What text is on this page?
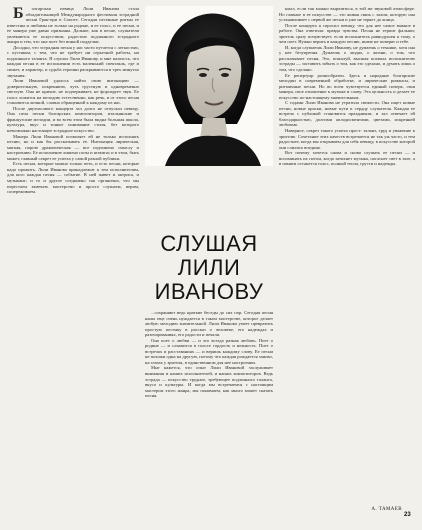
Б олгарская певица Лили Иванова стала обладательницей Международного фестиваля эстрадной песни Гран-при в Сопоте. Сегодня песенные ритмы ее известны и любимы не только на родине, и ее голос, и ее песни, и ее манера уже давно признаны. Дальше, как в песне, слушатели увлекаются ее искусством, радостью подлинного эстрадного жанра и тем, что она поет без всякой подделки.

Досадно, что эстрадная песня у нас часто путается с легкостью, с пустяком, с тем, что не требует ни серьезной работы, ни подлинного таланта. Я слушал Лили Иванову, и мне казалось, что каждая песня в ее исполнении есть маленький спектакль, где и сюжет, и характер, и судьба героини раскрываются в трех минутах звучания.

Лили Ивановой удалось найти свою интонацию — доверительную, искреннюю, чуть грустную и одновременно светлую. Она не кричит, не подчеркивает, не форсирует звук. Ее голос ложится на мелодию естественно, как речь, и от этого песня становится личной, словно обращенной к каждому из нас.

После двухчасового концерта зал долго не отпускал певицу. Она пела песни болгарских композиторов, итальянские и французские мелодии, и во всем этом была видна большая школа, культура, вкус и тонкое понимание стиля, без которого невозможно настоящее эстрадное искусство.

Манера Лили Ивановой позволяет ей не только исполнять песню, но и как бы рассказывать ее. Интонация лирическая, мягкая, порою драматическая — все подчинено смыслу и настроению. Ее исполнение лишено позы и штампа; и в этом, быть может, главный секрет ее успеха у самой разной публики.

Есть песни, которые можно только петь, и есть песни, которые надо прожить. Лили Иванова принадлежит к тем исполнителям, для кого каждая песня — событие. В ней живет и актриса, и музыкант; и то и другое соединено так органично, что мы перестаем замечать мастерство и просто слушаем, верим, сопереживаем.

СЛУШАЯ
ЛИЛИ
ИВАНОВУ

...сохраняют ведь краткие беседы до сих пор. Сегодня песня наша еще очень нуждается в таком мастерстве, которое делает любую мелодию значительной. Лили Иванова умеет превратить простую песенку в рассказ о человеке, его надеждах и разочарованиях, его радости и печали.

Она поет о любви — и это всегда разная любовь. Поет о родине — и слышится в голосе гордость и нежность. Поет о встречах и расставаниях — и веришь каждому слову. Ее песни не похожи одна на другую, потому что каждая рождается заново, на глазах у зрителя, в единственном для нее настроении.

Мне кажется, что опыт Лили Ивановой заслуживает внимания и наших исполнителей, и наших композиторов. Ведь эстрада — искусство трудное, требующее подлинного таланта, вкуса и культуры. И когда мы встречаемся с настоящим мастером этого жанра, мы понимаем, как много может сказать песня.

нилл, если так можно выразиться, в той же звуковой атмосфере. Но главное в ее искусстве — это живая связь с залом, которую она устанавливает с первой же песни и уже не теряет до конца.

После концерта я спросил певицу, что для нее самое важное в работе. Она ответила: правда чувства. Песня не терпит фальши; зритель сразу почувствует, если исполнитель равнодушен к тому, о чем поет. Нужно верить в каждую песню, иначе не поверят и тебе.

И, когда слушаешь Лили Иванову, не думаешь о технике, хотя она у нее безупречна. Думаешь о людях, о жизни, о том, что рассказывает песня. Это, пожалуй, высшая похвала исполнителю эстрады — заставить забыть о том, как это сделано, и думать лишь о том, что сделано.

Ее репертуар разнообразен. Здесь и народные болгарские мелодии в современной обработке, и лирические романсы, и ритмичные песни. Но во всем чувствуется единый почерк, своя манера, свое отношение к музыке и слову. Эта цельность и делает ее искусство по-настоящему значительным.

С годами Лили Иванова не утратила свежести. Она ищет новые песни, новые краски, новые пути к сердцу слушателя. Каждая ее встреча с публикой становится праздником, и зал отвечает ей благодарностью, долгими аплодисментами, цветами, искренней любовью.

Наверное, секрет такого успеха прост: талант, труд и уважение к зрителю. Сочетание этих качеств встречается не так уж часто, и тем радостнее, когда мы открываем для себя певицу, в искусстве которой они слились воедино.

Вот почему хочется снова и снова слушать ее песни — и вспоминать их потом, когда затихнет музыка, погаснет свет в зале, а в памяти останется голос, полный тепла, грусти и надежды.

А. ТАМАЕВ
23
